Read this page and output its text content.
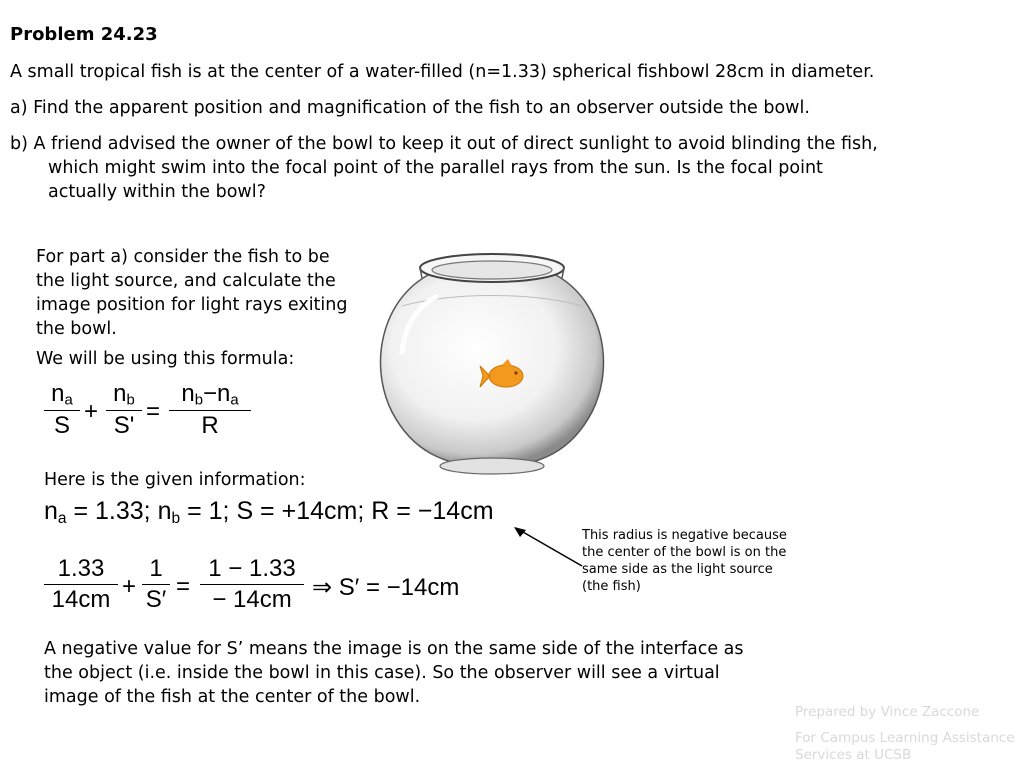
Problem 24.23
A small tropical fish is at the center of a water-filled (n=1.33) spherical fishbowl 28cm in diameter.
a) Find the apparent position and magnification of the fish to an observer outside the bowl.
b) A friend advised the owner of the bowl to keep it out of direct sunlight to avoid blinding the fish,
which might swim into the focal point of the parallel rays from the sun. Is the focal point
actually within the bowl?
For part a) consider the fish to be the light source, and calculate the image position for light rays exiting the bowl.
We will be using this formula:
$n_a$
S
+
$n_b$
S'
=
$n_b-n_a$
R
Here is the given information:
$n_a = 1.33$; $n_b = 1$; S = +14cm; R = −14cm
This radius is negative because the center of the bowl is on the same side as the light source (the fish)
1.33
14cm +
1
S′ =
1 − 1.33
− 14cm ⇒ S′ = −14cm
A negative value for S’ means the image is on the same side of the interface as the object (i.e. inside the bowl in this case). So the observer will see a virtual image of the fish at the center of the bowl.
Prepared by Vince Zaccone
For Campus Learning Assistance Services at UCSB
